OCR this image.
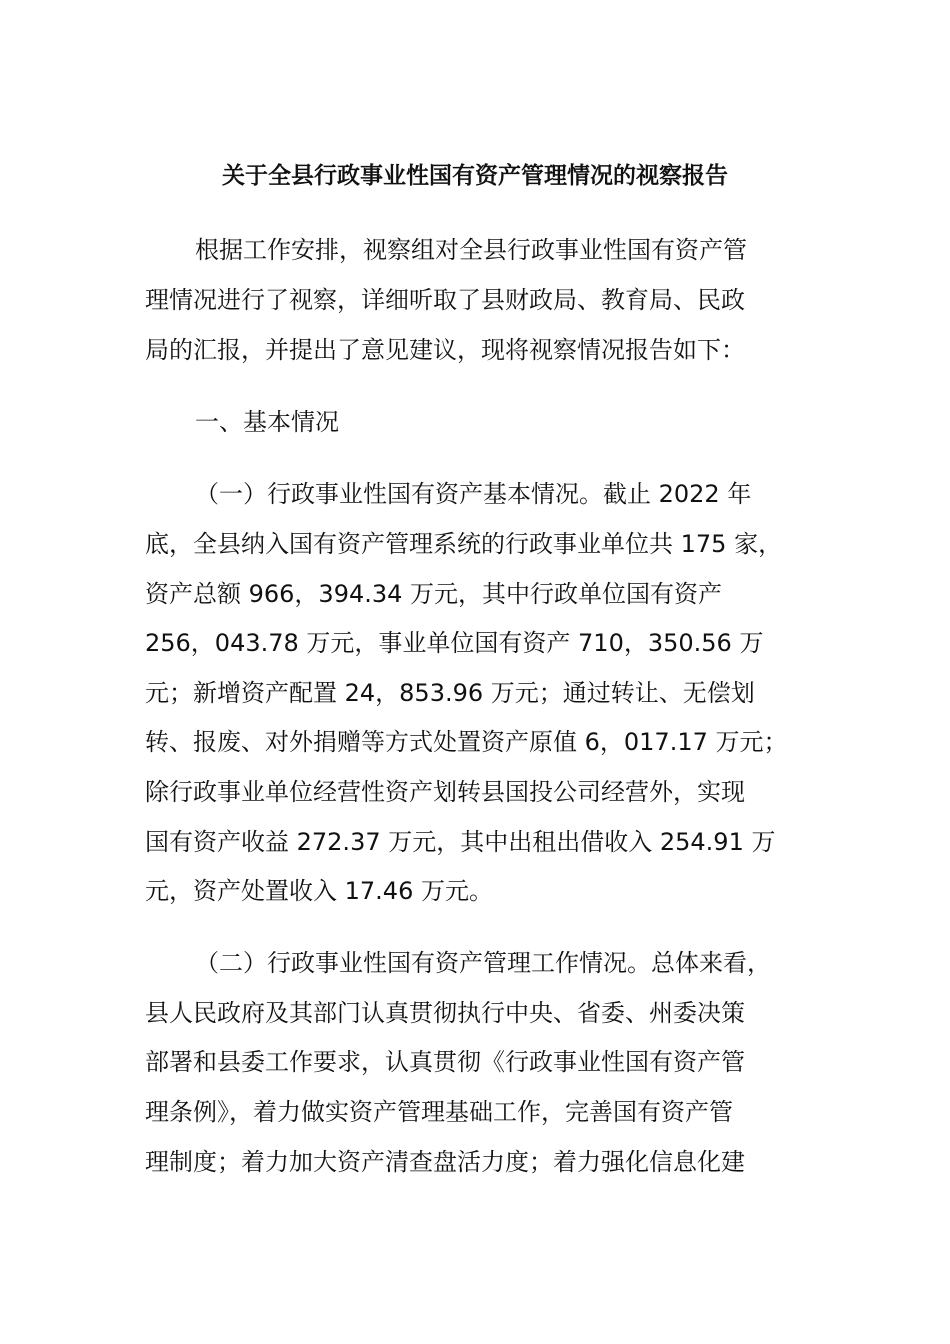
关于全县行政事业性国有资产管理情况的视察报告

根据工作安排，视察组对全县行政事业性国有资产管

理情况进行了视察，详细听取了县财政局、教育局、民政

局的汇报，并提出了意见建议，现将视察情况报告如下：

一、基本情况

（一）行政事业性国有资产基本情况。截止 2022 年

底，全县纳入国有资产管理系统的行政事业单位共 175 家，

资产总额 966，394.34 万元，其中行政单位国有资产

256，043.78 万元，事业单位国有资产 710，350.56 万

元；新增资产配置 24，853.96 万元；通过转让、无偿划

转、报废、对外捐赠等方式处置资产原值 6，017.17 万元；

除行政事业单位经营性资产划转县国投公司经营外，实现

国有资产收益 272.37 万元，其中出租出借收入 254.91 万

元，资产处置收入 17.46 万元。

（二）行政事业性国有资产管理工作情况。总体来看，

县人民政府及其部门认真贯彻执行中央、省委、州委决策

部署和县委工作要求，认真贯彻《行政事业性国有资产管

理条例》，着力做实资产管理基础工作，完善国有资产管

理制度；着力加大资产清查盘活力度；着力强化信息化建
